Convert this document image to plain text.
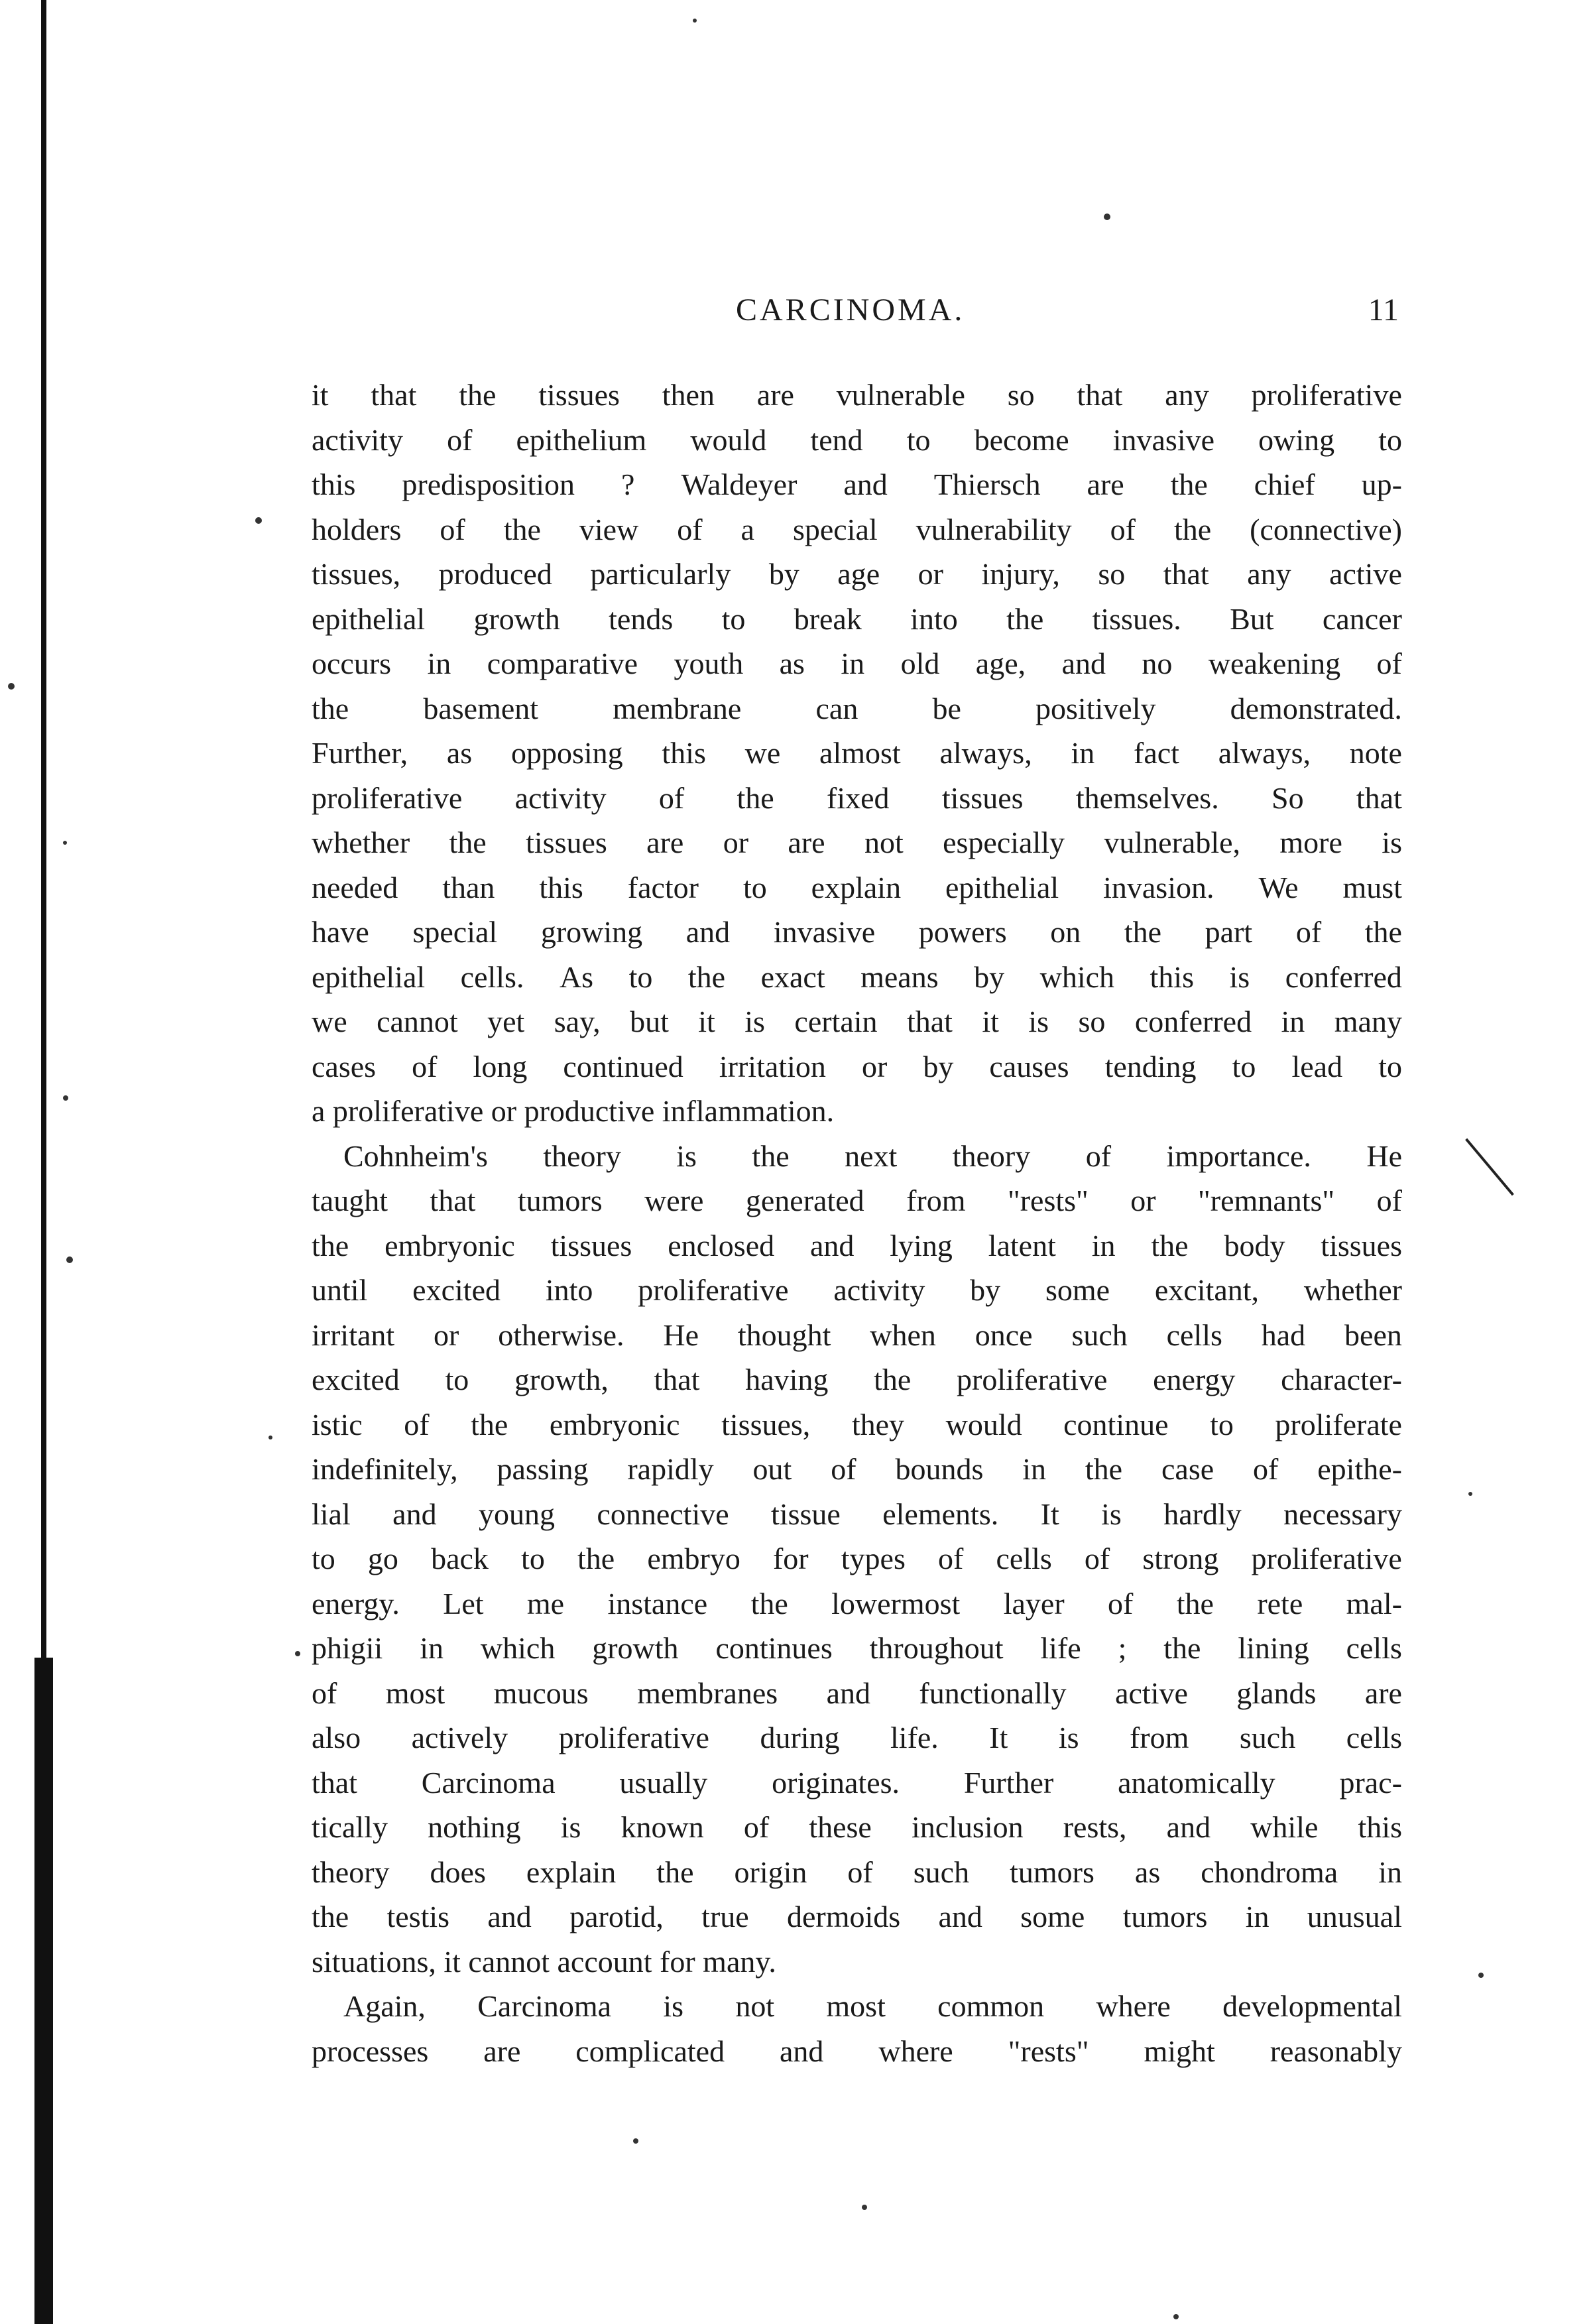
CARCINOMA.	11
it that the tissues then are vulnerable so that any proliferative
activity of epithelium would tend to become invasive owing to
this predisposition ? Waldeyer and Thiersch are the chief up-
holders of the view of a special vulnerability of the (connective)
tissues, produced particularly by age or injury, so that any active
epithelial growth tends to break into the tissues. But cancer
occurs in comparative youth as in old age, and no weakening of
the basement membrane can be positively demonstrated.
Further, as opposing this we almost always, in fact always, note
proliferative activity of the fixed tissues themselves. So that
whether the tissues are or are not especially vulnerable, more is
needed than this factor to explain epithelial invasion. We must
have special growing and invasive powers on the part of the
epithelial cells. As to the exact means by which this is conferred
we cannot yet say, but it is certain that it is so conferred in many
cases of long continued irritation or by causes tending to lead to
a proliferative or productive inflammation.
Cohnheim's theory is the next theory of importance. He
taught that tumors were generated from "rests" or "remnants" of
the embryonic tissues enclosed and lying latent in the body tissues
until excited into proliferative activity by some excitant, whether
irritant or otherwise. He thought when once such cells had been
excited to growth, that having the proliferative energy character-
istic of the embryonic tissues, they would continue to proliferate
indefinitely, passing rapidly out of bounds in the case of epithe-
lial and young connective tissue elements. It is hardly necessary
to go back to the embryo for types of cells of strong proliferative
energy. Let me instance the lowermost layer of the rete mal-
phigii in which growth continues throughout life ; the lining cells
of most mucous membranes and functionally active glands are
also actively proliferative during life. It is from such cells
that Carcinoma usually originates. Further anatomically prac-
tically nothing is known of these inclusion rests, and while this
theory does explain the origin of such tumors as chondroma in
the testis and parotid, true dermoids and some tumors in unusual
situations, it cannot account for many.
Again, Carcinoma is not most common where developmental
processes are complicated and where "rests" might reasonably
